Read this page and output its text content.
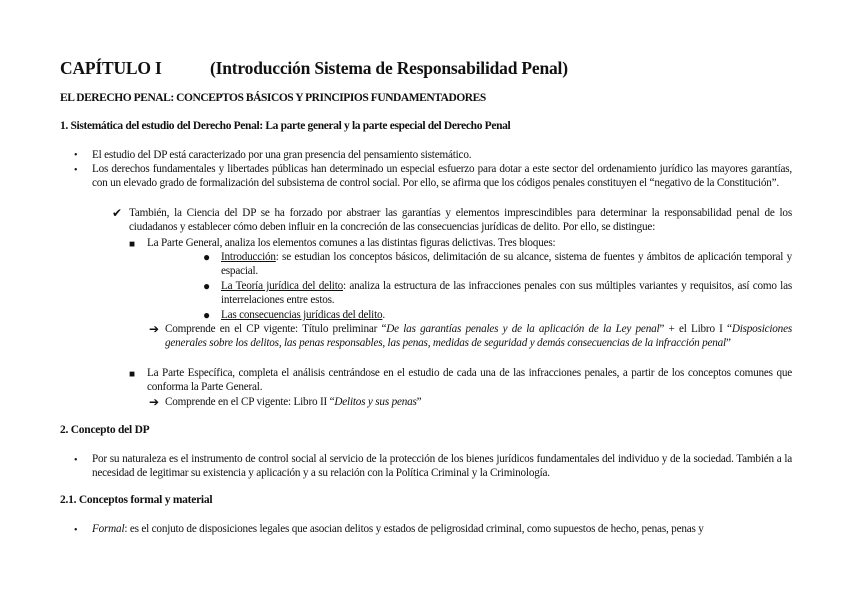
CAPÍTULO I	(Introducción Sistema de Responsabilidad Penal)
EL DERECHO PENAL: CONCEPTOS BÁSICOS Y PRINCIPIOS FUNDAMENTADORES
1. Sistemática del estudio del Derecho Penal: La parte general y la parte especial del Derecho Penal
• El estudio del DP está caracterizado por una gran presencia del pensamiento sistemático.
• Los derechos fundamentales y libertades públicas han determinado un especial esfuerzo para dotar a este sector del ordenamiento jurídico las mayores garantías, con un elevado grado de formalización del subsistema de control social. Por ello, se afirma que los códigos penales constituyen el “negativo de la Constitución”.
✔ También, la Ciencia del DP se ha forzado por abstraer las garantías y elementos imprescindibles para determinar la responsabilidad penal de los ciudadanos y establecer cómo deben influir en la concreción de las consecuencias jurídicas de delito. Por ello, se distingue:
■ La Parte General, analiza los elementos comunes a las distintas figuras delictivas. Tres bloques:
● Introducción: se estudian los conceptos básicos, delimitación de su alcance, sistema de fuentes y ámbitos de aplicación temporal y espacial.
● La Teoría jurídica del delito: analiza la estructura de las infracciones penales con sus múltiples variantes y requisitos, así como las interrelaciones entre estos.
● Las consecuencias jurídicas del delito.
➔ Comprende en el CP vigente: Título preliminar “De las garantías penales y de la aplicación de la Ley penal” + el Libro I “Disposiciones generales sobre los delitos, las penas responsables, las penas, medidas de seguridad y demás consecuencias de la infracción penal”
■ La Parte Específica, completa el análisis centrándose en el estudio de cada una de las infracciones penales, a partir de los conceptos comunes que conforma la Parte General.
➔ Comprende en el CP vigente: Libro II “Delitos y sus penas”
2. Concepto del DP
• Por su naturaleza es el instrumento de control social al servicio de la protección de los bienes jurídicos fundamentales del individuo y de la sociedad. También a la necesidad de legitimar su existencia y aplicación y a su relación con la Política Criminal y la Criminología.
2.1. Conceptos formal y material
• Formal: es el conjuto de disposiciones legales que asocian delitos y estados de peligrosidad criminal, como supuestos de hecho, penas, penas y
